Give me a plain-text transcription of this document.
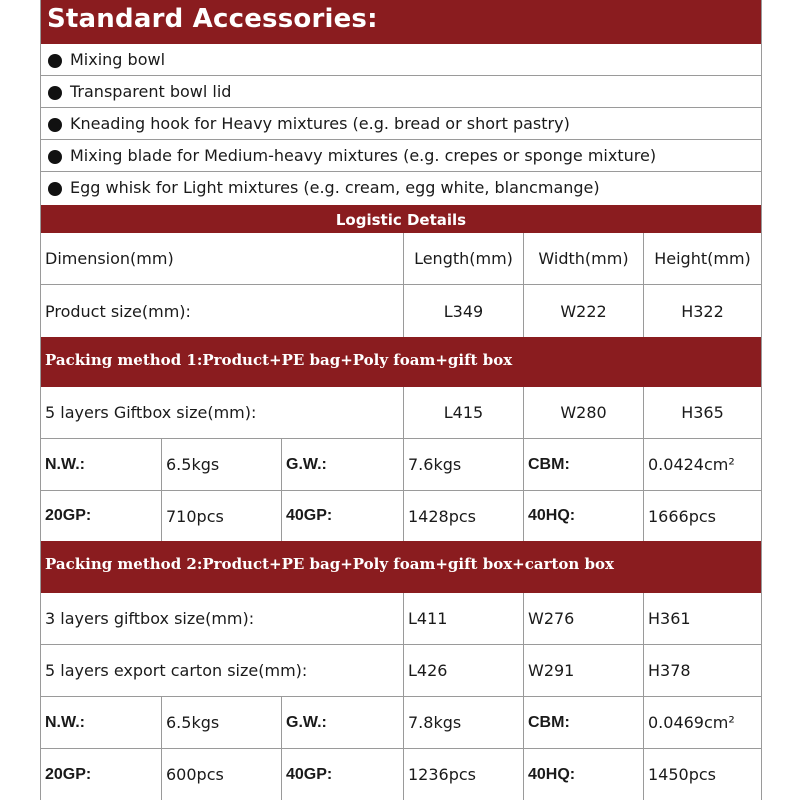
Standard Accessories:
Mixing bowl
Transparent bowl lid
Kneading hook for Heavy mixtures (e.g. bread or short pastry)
Mixing blade for Medium-heavy mixtures (e.g. crepes or sponge mixture)
Egg whisk for Light mixtures (e.g. cream, egg white, blancmange)
Logistic Details
Dimension(mm)	Length(mm)	Width(mm)	Height(mm)
Product size(mm):	L349	W222	H322
Packing method 1:Product+PE bag+Poly foam+gift box
5 layers Giftbox size(mm):	L415	W280	H365
N.W.:	6.5kgs	G.W.:	7.6kgs	CBM:	0.0424cm²
20GP:	710pcs	40GP:	1428pcs	40HQ:	1666pcs
Packing method 2:Product+PE bag+Poly foam+gift box+carton box
3 layers giftbox size(mm):	L411	W276	H361
5 layers export carton size(mm):	L426	W291	H378
N.W.:	6.5kgs	G.W.:	7.8kgs	CBM:	0.0469cm²
20GP:	600pcs	40GP:	1236pcs	40HQ:	1450pcs
